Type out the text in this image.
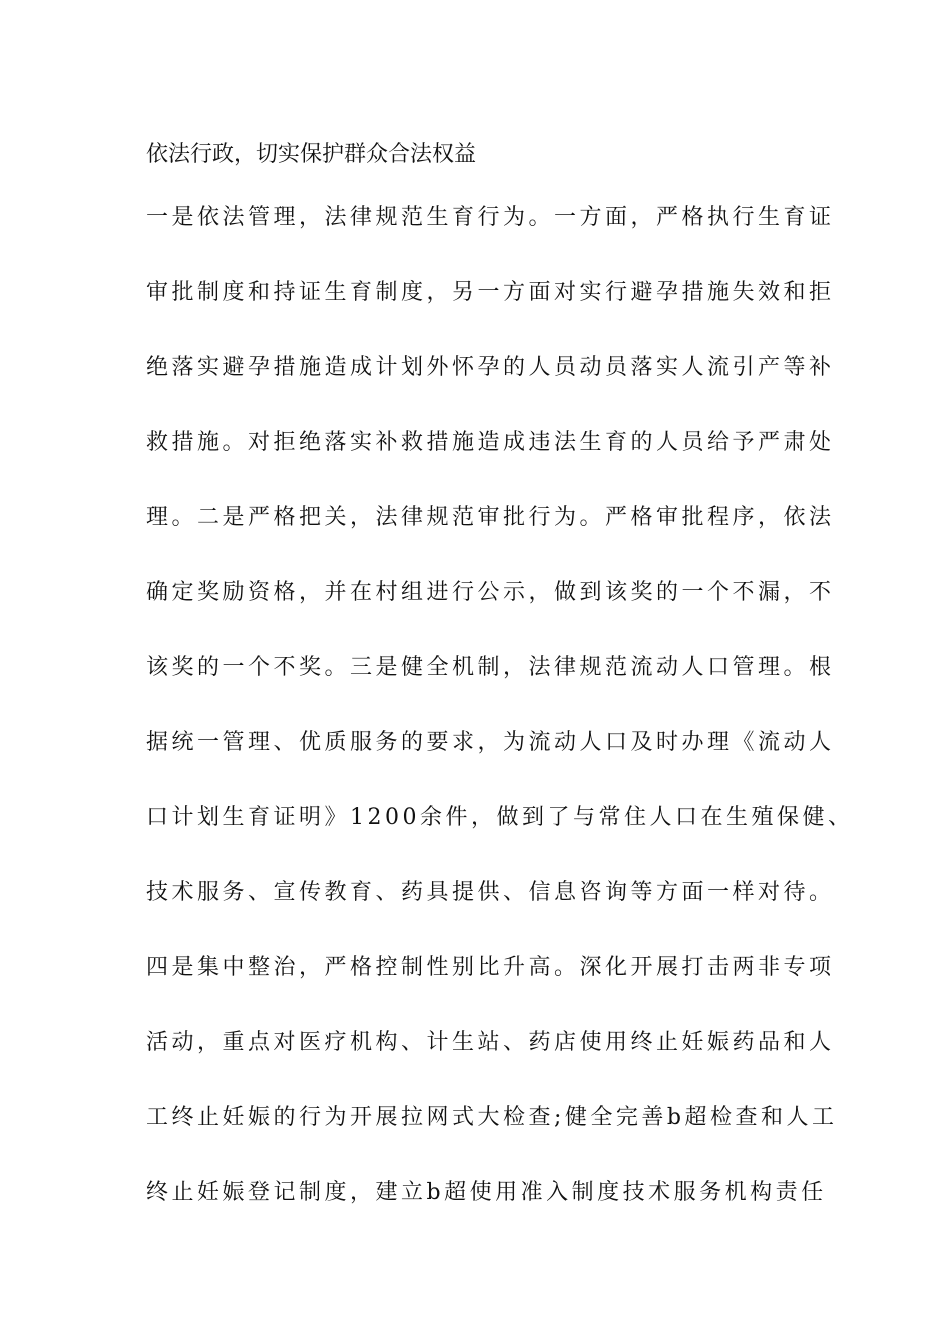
依法行政，切实保护群众合法权益
一是依法管理，法律规范生育行为。一方面，严格执行生育证
审批制度和持证生育制度，另一方面对实行避孕措施失效和拒
绝落实避孕措施造成计划外怀孕的人员动员落实人流引产等补
救措施。对拒绝落实补救措施造成违法生育的人员给予严肃处
理。二是严格把关，法律规范审批行为。严格审批程序，依法
确定奖励资格，并在村组进行公示，做到该奖的一个不漏，不
该奖的一个不奖。三是健全机制，法律规范流动人口管理。根
据统一管理、优质服务的要求，为流动人口及时办理《流动人
口计划生育证明》1200余件，做到了与常住人口在生殖保健、
技术服务、宣传教育、药具提供、信息咨询等方面一样对待。
四是集中整治，严格控制性别比升高。深化开展打击两非专项
活动，重点对医疗机构、计生站、药店使用终止妊娠药品和人
工终止妊娠的行为开展拉网式大检查;健全完善b超检查和人工
终止妊娠登记制度，建立b超使用准入制度技术服务机构责任
